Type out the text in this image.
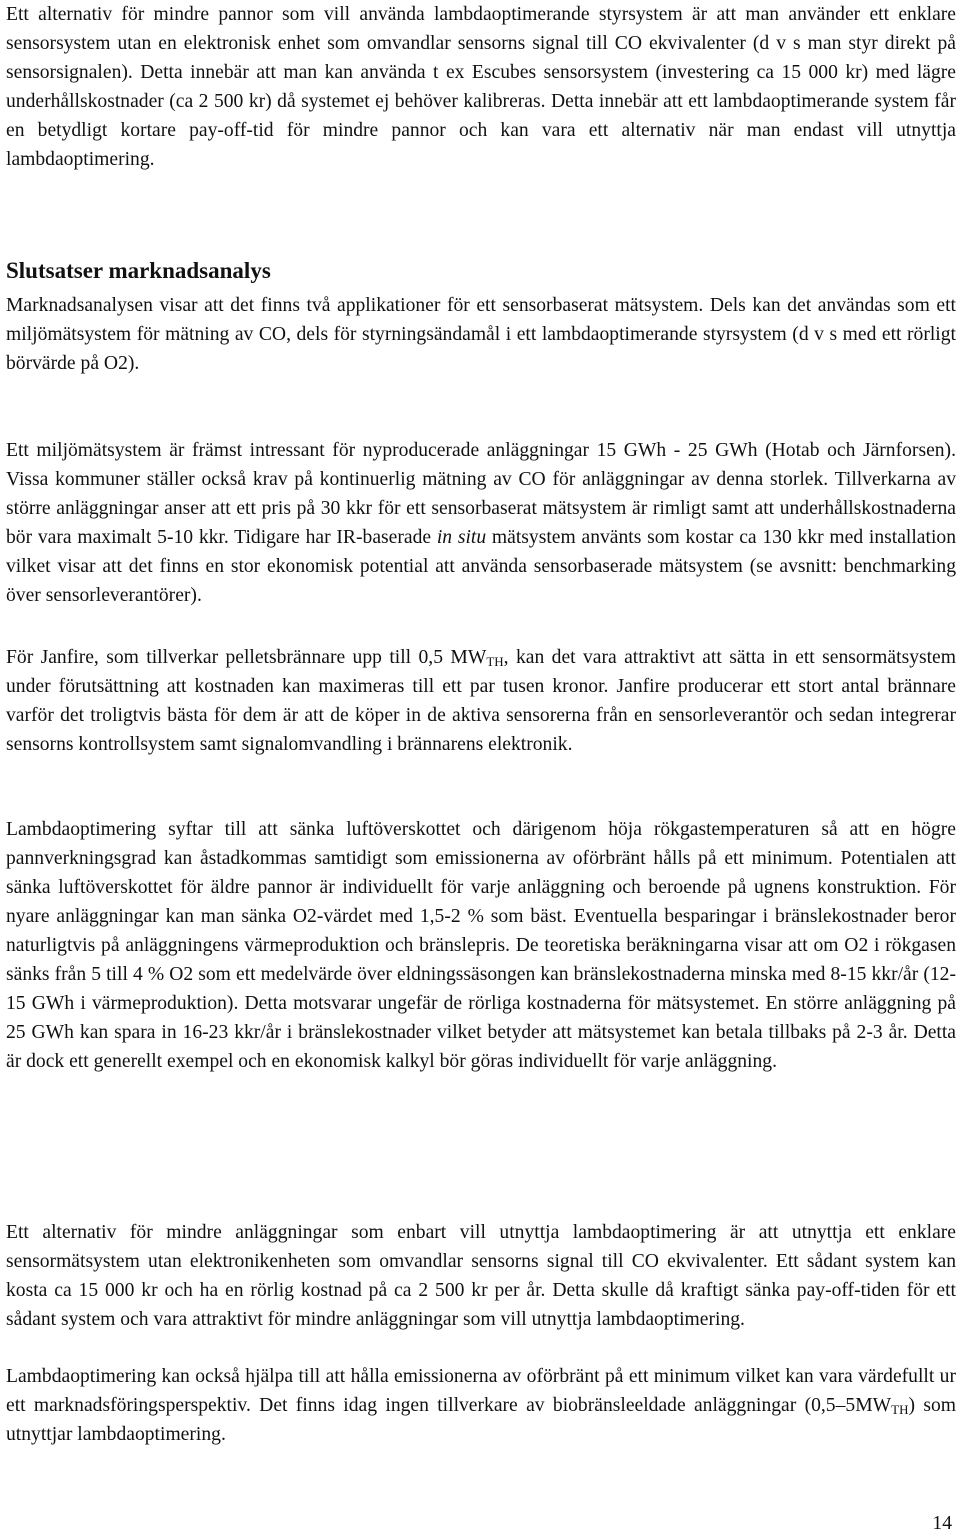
Ett alternativ för mindre pannor som vill använda lambdaoptimerande styrsystem är att man använder ett enklare sensorsystem utan en elektronisk enhet som omvandlar sensorns signal till CO ekvivalenter (d v s man styr direkt på sensorsignalen). Detta innebär att man kan använda t ex Escubes sensorsystem (investering ca 15 000 kr) med lägre underhållskostnader (ca 2 500 kr) då systemet ej behöver kalibreras. Detta innebär att ett lambdaoptimerande system får en betydligt kortare pay-off-tid för mindre pannor och kan vara ett alternativ när man endast vill utnyttja lambdaoptimering.

Slutsatser marknadsanalys

Marknadsanalysen visar att det finns två applikationer för ett sensorbaserat mätsystem. Dels kan det användas som ett miljömätsystem för mätning av CO, dels för styrningsändamål i ett lambdaoptimerande styrsystem (d v s med ett rörligt börvärde på O2).

Ett miljömätsystem är främst intressant för nyproducerade anläggningar 15 GWh - 25 GWh (Hotab och Järnforsen). Vissa kommuner ställer också krav på kontinuerlig mätning av CO för anläggningar av denna storlek. Tillverkarna av större anläggningar anser att ett pris på 30 kkr för ett sensorbaserat mätsystem är rimligt samt att underhållskostnaderna bör vara maximalt 5-10 kkr. Tidigare har IR-baserade in situ mätsystem använts som kostar ca 130 kkr med installation vilket visar att det finns en stor ekonomisk potential att använda sensorbaserade mätsystem (se avsnitt: benchmarking över sensorleverantörer).

För Janfire, som tillverkar pelletsbrännare upp till 0,5 $MW_{TH}$, kan det vara attraktivt att sätta in ett sensormätsystem under förutsättning att kostnaden kan maximeras till ett par tusen kronor. Janfire producerar ett stort antal brännare varför det troligtvis bästa för dem är att de köper in de aktiva sensorerna från en sensorleverantör och sedan integrerar sensorns kontrollsystem samt signalomvandling i brännarens elektronik.

Lambdaoptimering syftar till att sänka luftöverskottet och därigenom höja rökgastemperaturen så att en högre pannverkningsgrad kan åstadkommas samtidigt som emissionerna av oförbränt hålls på ett minimum. Potentialen att sänka luftöverskottet för äldre pannor är individuellt för varje anläggning och beroende på ugnens konstruktion. För nyare anläggningar kan man sänka O2-värdet med 1,5-2 % som bäst. Eventuella besparingar i bränslekostnader beror naturligtvis på anläggningens värmeproduktion och bränslepris. De teoretiska beräkningarna visar att om O2 i rökgasen sänks från 5 till 4 % O2 som ett medelvärde över eldningssäsongen kan bränslekostnaderna minska med 8-15 kkr/år (12-15 GWh i värmeproduktion). Detta motsvarar ungefär de rörliga kostnaderna för mätsystemet. En större anläggning på 25 GWh kan spara in 16-23 kkr/år i bränslekostnader vilket betyder att mätsystemet kan betala tillbaks på 2-3 år. Detta är dock ett generellt exempel och en ekonomisk kalkyl bör göras individuellt för varje anläggning.

Ett alternativ för mindre anläggningar som enbart vill utnyttja lambdaoptimering är att utnyttja ett enklare sensormätsystem utan elektronikenheten som omvandlar sensorns signal till CO ekvivalenter. Ett sådant system kan kosta ca 15 000 kr och ha en rörlig kostnad på ca 2 500 kr per år. Detta skulle då kraftigt sänka pay-off-tiden för ett sådant system och vara attraktivt för mindre anläggningar som vill utnyttja lambdaoptimering.

Lambdaoptimering kan också hjälpa till att hålla emissionerna av oförbränt på ett minimum vilket kan vara värdefullt ur ett marknadsföringsperspektiv. Det finns idag ingen tillverkare av biobränsleeldade anläggningar $(0,5-5MW_{TH})$ som utnyttjar lambdaoptimering.

14
